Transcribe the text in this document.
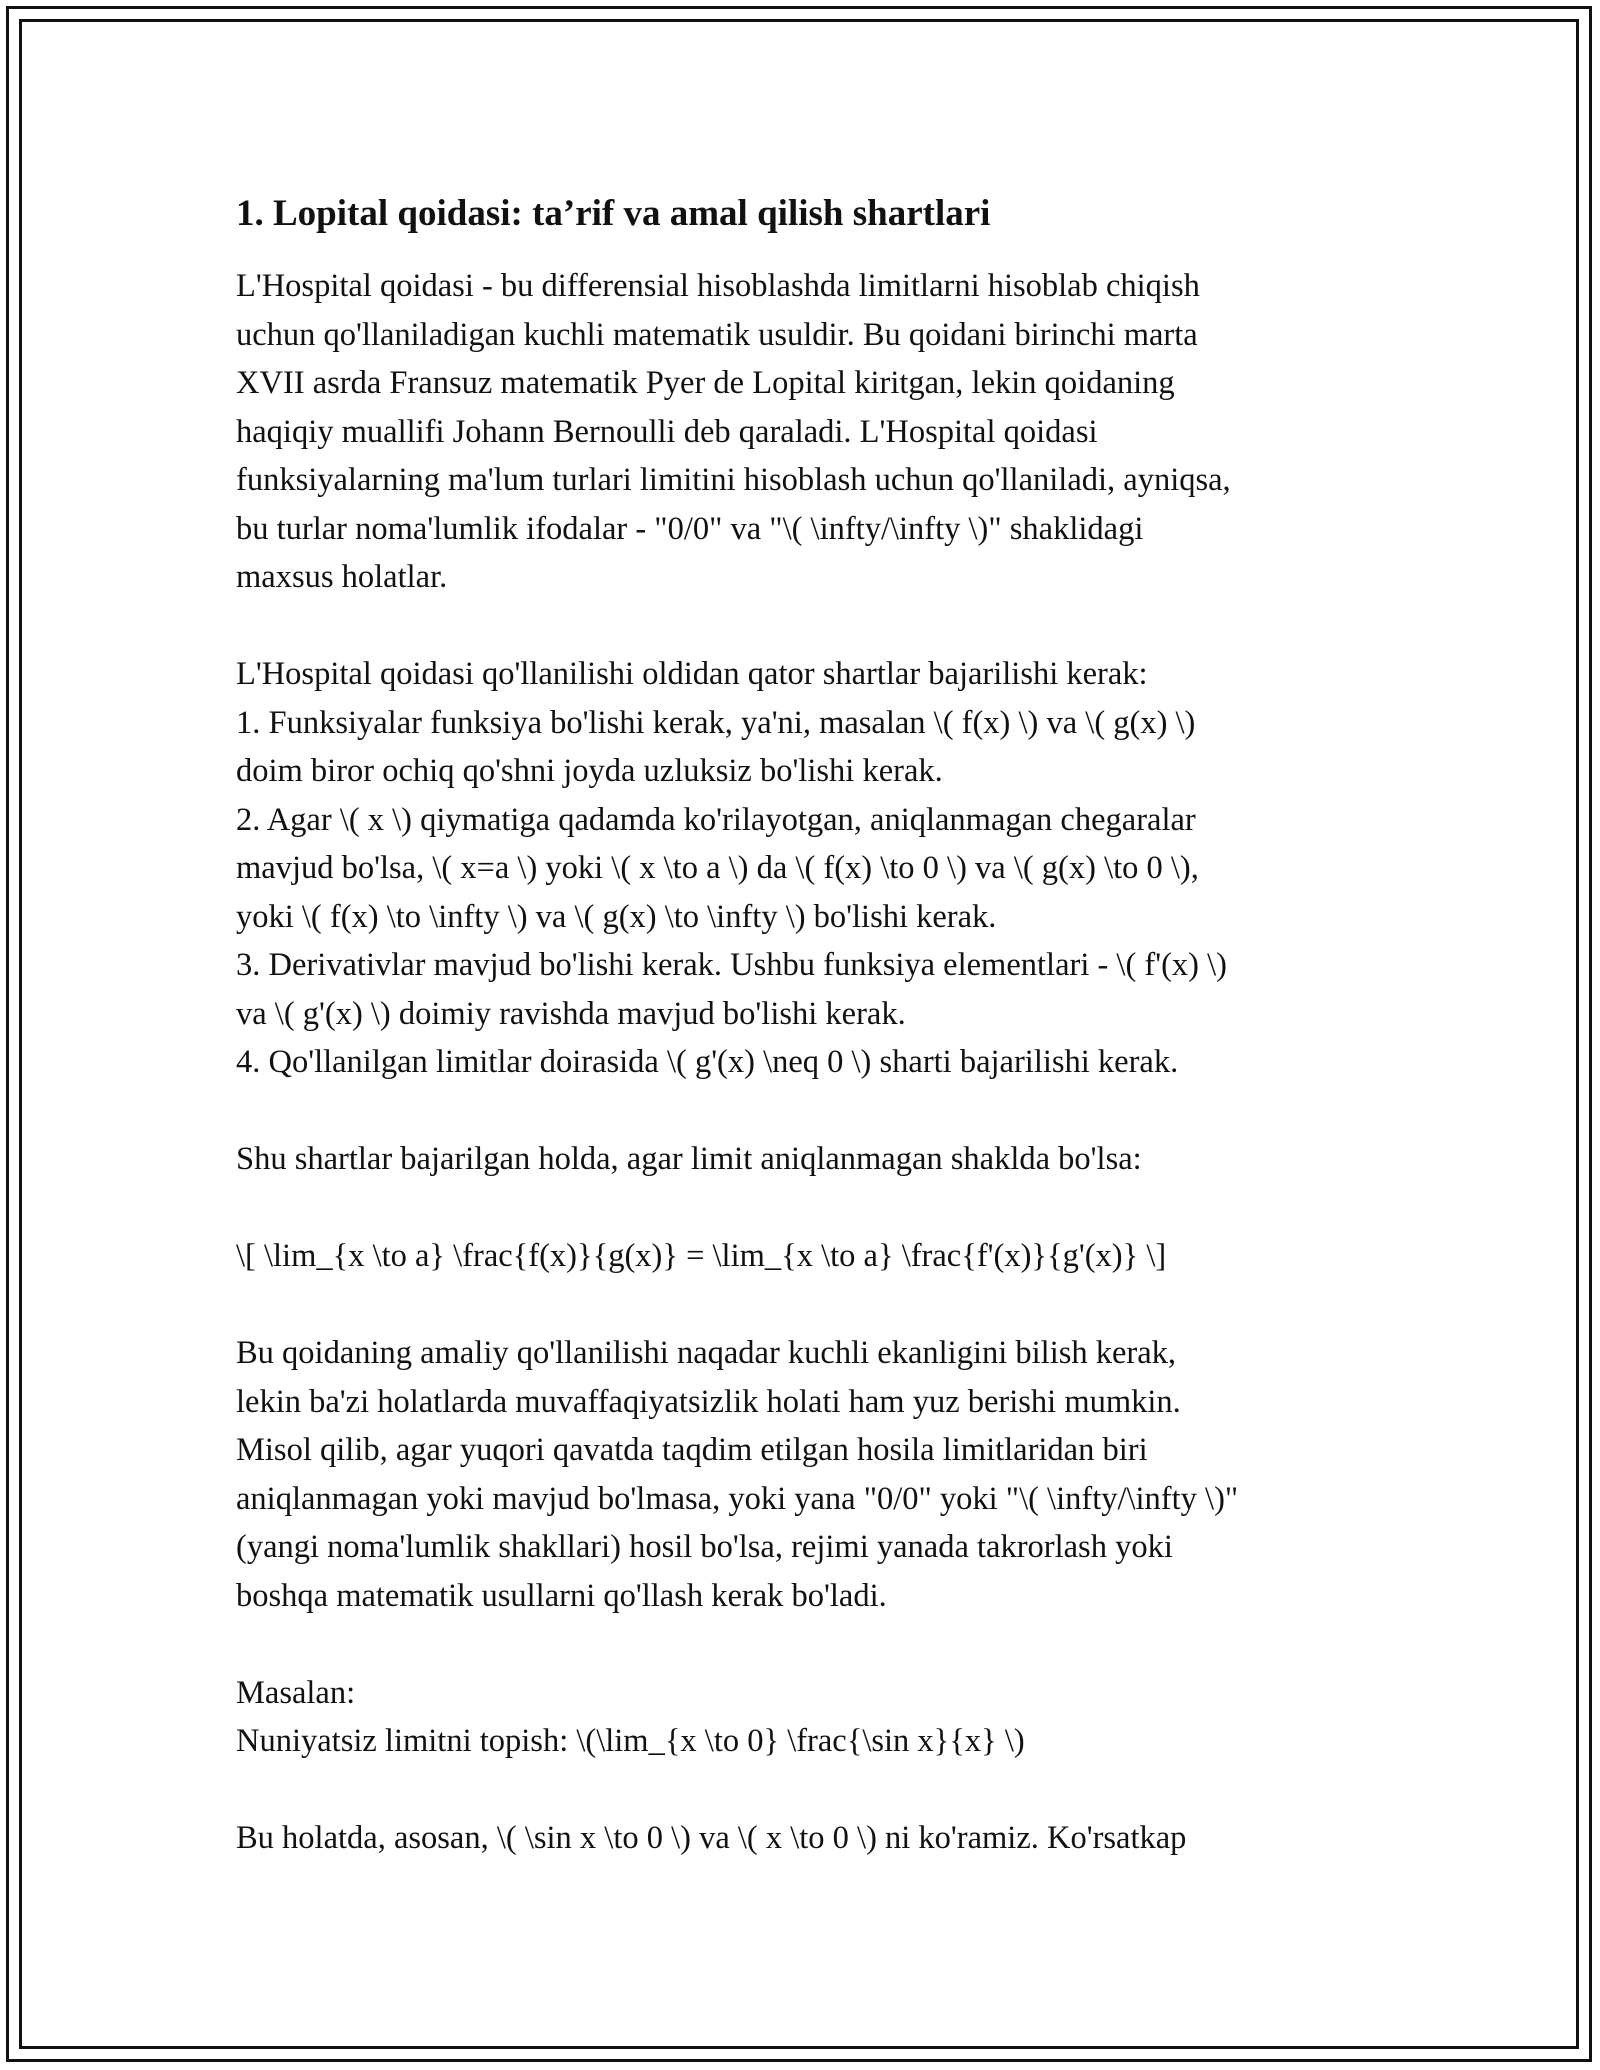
1. Lopital qoidasi: ta’rif va amal qilish shartlari
L'Hospital qoidasi - bu differensial hisoblashda limitlarni hisoblab chiqish
uchun qo'llaniladigan kuchli matematik usuldir. Bu qoidani birinchi marta
XVII asrda Fransuz matematik Pyer de Lopital kiritgan, lekin qoidaning
haqiqiy muallifi Johann Bernoulli deb qaraladi. L'Hospital qoidasi
funksiyalarning ma'lum turlari limitini hisoblash uchun qo'llaniladi, ayniqsa,
bu turlar noma'lumlik ifodalar - "0/0" va "\( \infty/\infty \)" shaklidagi
maxsus holatlar.
L'Hospital qoidasi qo'llanilishi oldidan qator shartlar bajarilishi kerak:
1. Funksiyalar funksiya bo'lishi kerak, ya'ni, masalan \( f(x) \) va \( g(x) \)
doim biror ochiq qo'shni joyda uzluksiz bo'lishi kerak.
2. Agar \( x \) qiymatiga qadamda ko'rilayotgan, aniqlanmagan chegaralar
mavjud bo'lsa, \( x=a \) yoki \( x \to a \) da \( f(x) \to 0 \) va \( g(x) \to 0 \),
yoki \( f(x) \to \infty \) va \( g(x) \to \infty \) bo'lishi kerak.
3. Derivativlar mavjud bo'lishi kerak. Ushbu funksiya elementlari - \( f'(x) \)
va \( g'(x) \) doimiy ravishda mavjud bo'lishi kerak.
4. Qo'llanilgan limitlar doirasida \( g'(x) \neq 0 \) sharti bajarilishi kerak.
Shu shartlar bajarilgan holda, agar limit aniqlanmagan shaklda bo'lsa:
\[ \lim_{x \to a} \frac{f(x)}{g(x)} = \lim_{x \to a} \frac{f'(x)}{g'(x)} \]
Bu qoidaning amaliy qo'llanilishi naqadar kuchli ekanligini bilish kerak,
lekin ba'zi holatlarda muvaffaqiyatsizlik holati ham yuz berishi mumkin.
Misol qilib, agar yuqori qavatda taqdim etilgan hosila limitlaridan biri
aniqlanmagan yoki mavjud bo'lmasa, yoki yana "0/0" yoki "\( \infty/\infty \)"
(yangi noma'lumlik shakllari) hosil bo'lsa, rejimi yanada takrorlash yoki
boshqa matematik usullarni qo'llash kerak bo'ladi.
Masalan:
Nuniyatsiz limitni topish: \(\lim_{x \to 0} \frac{\sin x}{x} \)
Bu holatda, asosan, \( \sin x \to 0 \) va \( x \to 0 \) ni ko'ramiz. Ko'rsatkap
